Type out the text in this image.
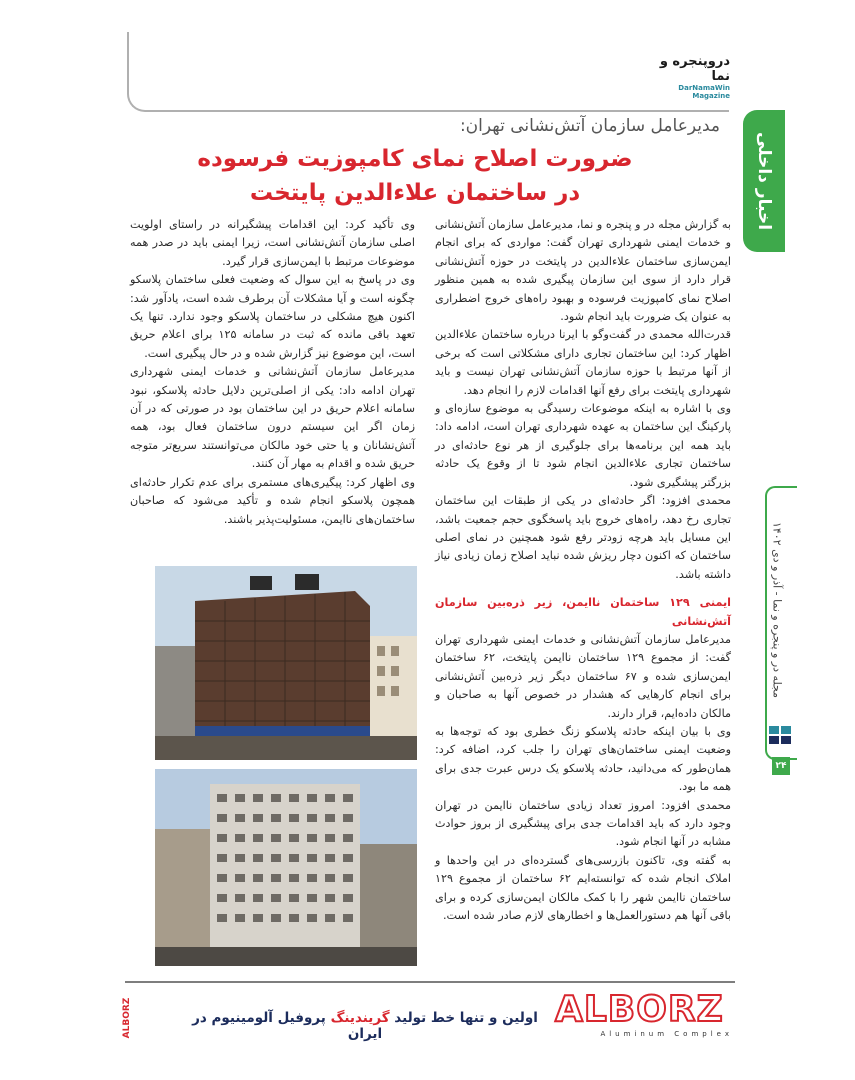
دروپنجره و نما
DarNamaWin Magazine
اخبار داخلی
مدیرعامل سازمان آتش‌نشانی تهران:
ضرورت اصلاح نمای کامپوزیت فرسوده
در ساختمان علاءالدین پایتخت

به گزارش مجله در و پنجره و نما، مدیرعامل سازمان آتش‌نشانی و خدمات ایمنی شهرداری تهران گفت: مواردی که برای انجام ایمن‌سازی ساختمان علاءالدین در پایتخت در حوزه آتش‌نشانی قرار دارد از سوی این سازمان پیگیری شده به همین منظور اصلاح نمای کامپوزیت فرسوده و بهبود راه‌های خروج اضطراری به عنوان یک ضرورت باید انجام شود.

قدرت‌الله محمدی در گفت‌وگو با ایرنا درباره ساختمان علاءالدین اظهار کرد: این ساختمان تجاری دارای مشکلاتی است که برخی از آنها مرتبط با حوزه سازمان آتش‌نشانی تهران نیست و باید شهرداری پایتخت برای رفع آنها اقدامات لازم را انجام دهد.

وی با اشاره به اینکه موضوعات رسیدگی به موضوع سازه‌ای و پارکینگ این ساختمان به عهده شهرداری تهران است، ادامه داد: باید همه این برنامه‌ها برای جلوگیری از هر نوع حادثه‌ای در ساختمان تجاری علاءالدین انجام شود تا از وقوع یک حادثه بزرگتر پیشگیری شود.

محمدی افزود: اگر حادثه‌ای در یکی از طبقات این ساختمان تجاری رخ دهد، راه‌های خروج باید پاسخگوی حجم جمعیت باشد، این مسایل باید هرچه زودتر رفع شود همچنین در نمای اصلی ساختمان که اکنون دچار ریزش شده نباید اصلاح زمان زیادی نیاز داشته باشد.

ایمنی ۱۲۹ ساختمان ناایمن، زیر ذره‌بین سازمان آتش‌نشانی

مدیرعامل سازمان آتش‌نشانی و خدمات ایمنی شهرداری تهران گفت: از مجموع ۱۲۹ ساختمان ناایمن پایتخت، ۶۲ ساختمان ایمن‌سازی شده و ۶۷ ساختمان دیگر زیر ذره‌بین آتش‌نشانی برای انجام کارهایی که هشدار در خصوص آنها به صاحبان و مالکان داده‌ایم، قرار دارند.

وی با بیان اینکه حادثه پلاسکو زنگ خطری بود که توجه‌ها به وضعیت ایمنی ساختمان‌های تهران را جلب کرد، اضافه کرد: همان‌طور که می‌دانید، حادثه پلاسکو یک درس عبرت جدی برای همه ما بود.

محمدی افزود: امروز تعداد زیادی ساختمان ناایمن در تهران وجود دارد که باید اقدامات جدی برای پیشگیری از بروز حوادث مشابه در آنها انجام شود.

به گفته وی، تاکنون بازرسی‌های گسترده‌ای در این واحدها و املاک انجام شده که توانسته‌ایم ۶۲ ساختمان از مجموع ۱۲۹ ساختمان ناایمن شهر را با کمک مالکان ایمن‌سازی کرده و برای باقی آنها هم دستورالعمل‌ها و اخطارهای لازم صادر شده است.

وی تأکید کرد: این اقدامات پیشگیرانه در راستای اولویت اصلی سازمان آتش‌نشانی است، زیرا ایمنی باید در صدر همه موضوعات مرتبط با ایمن‌سازی قرار گیرد.

وی در پاسخ به این سوال که وضعیت فعلی ساختمان پلاسکو چگونه است و آیا مشکلات آن برطرف شده است، یادآور شد: اکنون هیچ مشکلی در ساختمان پلاسکو وجود ندارد. تنها یک تعهد باقی مانده که ثبت در سامانه ۱۲۵ برای اعلام حریق است، این موضوع نیز گزارش شده و در حال پیگیری است.

مدیرعامل سازمان آتش‌نشانی و خدمات ایمنی شهرداری تهران ادامه داد: یکی از اصلی‌ترین دلایل حادثه پلاسکو، نبود سامانه اعلام حریق در این ساختمان بود در صورتی که در آن زمان اگر این سیستم درون ساختمان فعال بود، همه آتش‌نشانان و یا حتی خود مالکان می‌توانستند سریع‌تر متوجه حریق شده و اقدام به مهار آن کنند.

وی اظهار کرد: پیگیری‌های مستمری برای عدم تکرار حادثه‌ای همچون پلاسکو انجام شده و تأکید می‌شود که صاحبان ساختمان‌های ناایمن، مسئولیت‌پذیر باشند.

مجله در و پنجره و نما - آذر و دی ۱۴۰۲
۲۴
ALBORZ	اولین و تنها خط تولید گریندینگ پروفیل آلومینیوم در ایران
ALBORZ
Aluminum Complex
